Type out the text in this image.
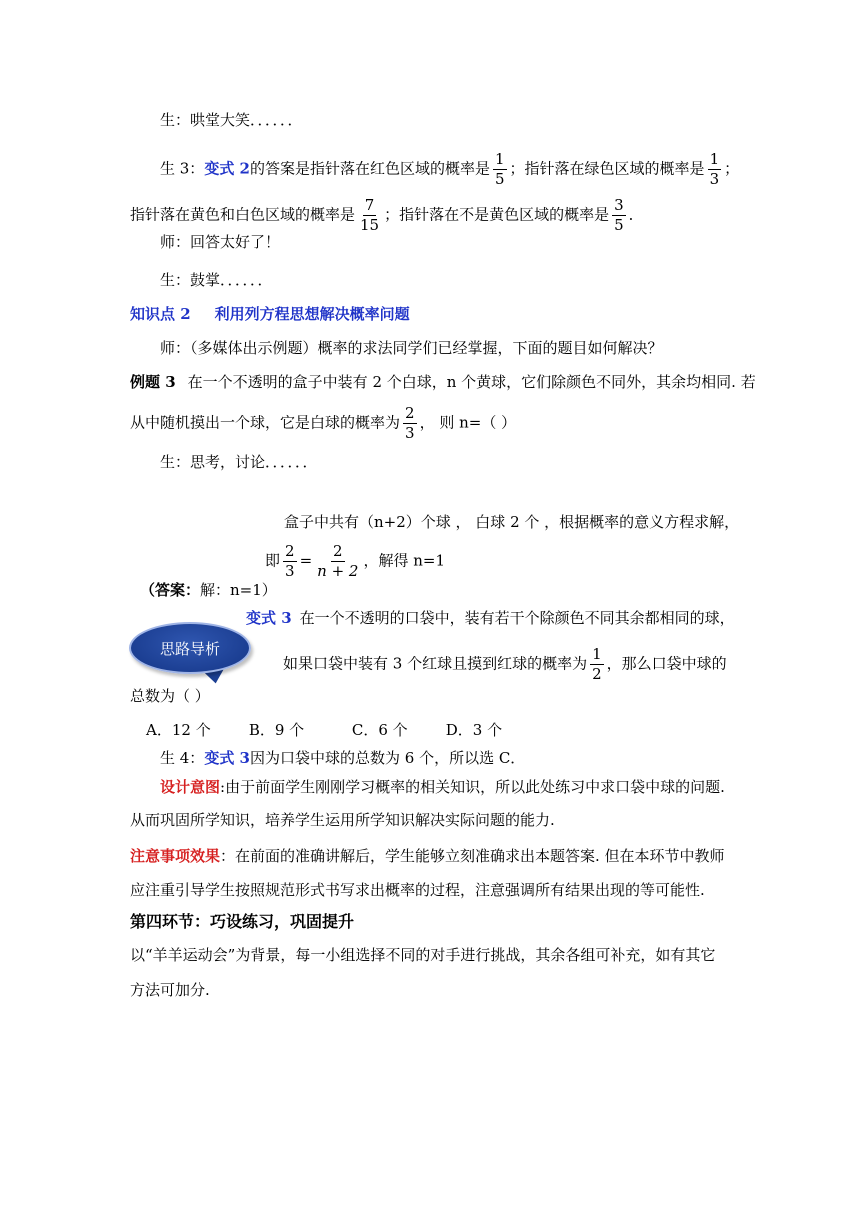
生：哄堂大笑．．．．．．
生 3：变式 2的答案是指针落在红色区域的概率是 $\frac{1}{5}$ ；指针落在绿色区域的概率是 $\frac{1}{3}$ ；
指针落在黄色和白色区域的概率是 $\frac{7}{15}$ ；指针落在不是黄色区域的概率是 $\frac{3}{5}$ ．
师：回答太好了！
生：鼓掌．．．．．．
知识点 2 利用列方程思想解决概率问题
师：（多媒体出示例题）概率的求法同学们已经掌握，下面的题目如何解决？
例题 3 在一个不透明的盒子中装有 2 个白球，n 个黄球，它们除颜色不同外，其余均相同. 若
从中随机摸出一个球，它是白球的概率为 $\frac{2}{3}$ ， 则 n=（ ）
生：思考，讨论．．．．．．
盒子中共有（n+2）个球 ， 白球 2 个 ，根据概率的意义方程求解，
即 $\frac{2}{3} = \frac{2}{n + 2}$ ，解得 n=1
（答案：解：n=1）
思路导析
变式 3 在一个不透明的口袋中，装有若干个除颜色不同其余都相同的球，
如果口袋中装有 3 个红球且摸到红球的概率为 $\frac{1}{2}$ ，那么口袋中球的
总数为（ ）
A．12 个        B．9 个          C．6 个        D．3 个
生 4：变式 3因为口袋中球的总数为 6 个，所以选 C．
设计意图:由于前面学生刚刚学习概率的相关知识，所以此处练习中求口袋中球的问题.
从而巩固所学知识，培养学生运用所学知识解决实际问题的能力.
注意事项效果：在前面的准确讲解后，学生能够立刻准确求出本题答案. 但在本环节中教师
应注重引导学生按照规范形式书写求出概率的过程，注意强调所有结果出现的等可能性.
第四环节：巧设练习，巩固提升
以“羊羊运动会”为背景，每一小组选择不同的对手进行挑战，其余各组可补充，如有其它
方法可加分.
